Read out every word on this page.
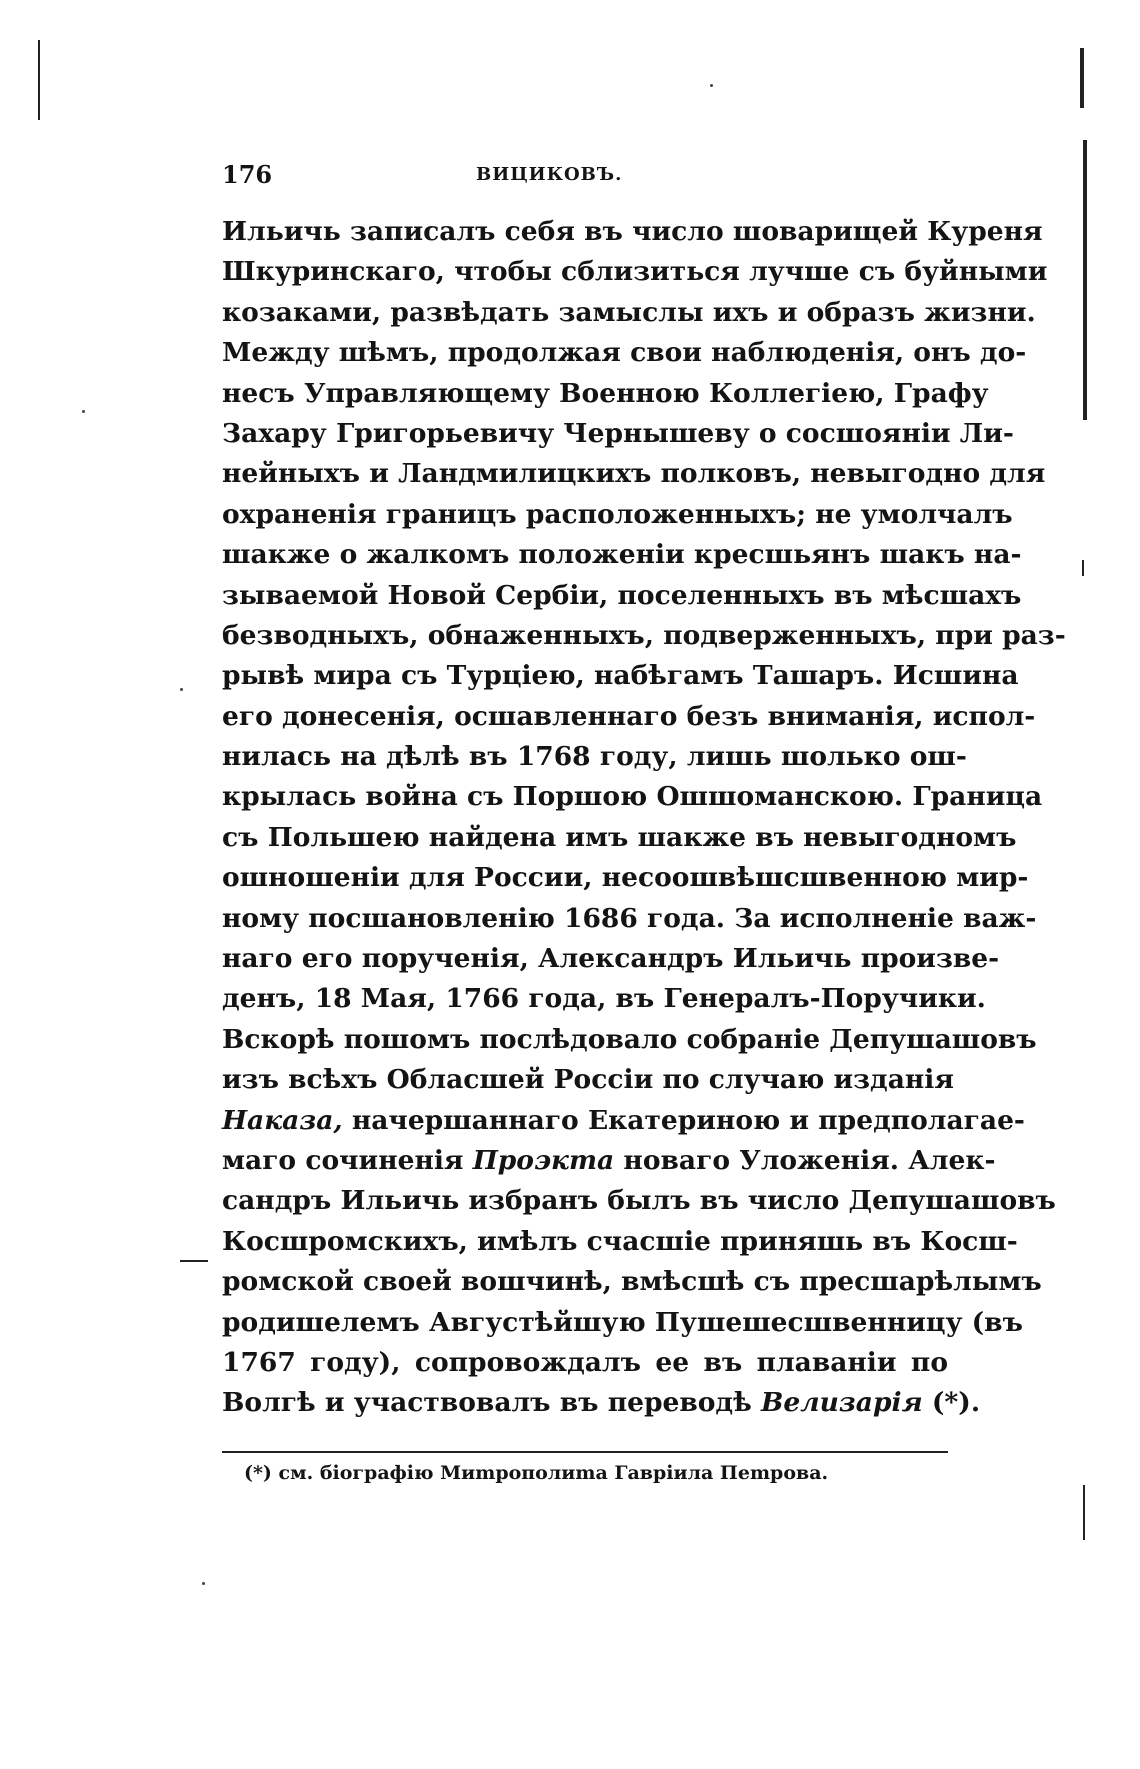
176	ВИЦИКОВЪ.
Ильичь записалъ себя въ число шоварищей Куреня
Шкуринскаго, чтобы сблизиться лучше съ буйными
козаками, развѣдать замыслы ихъ и образъ жизни.
Между шѣмъ, продолжая свои наблюденія, онъ до-
несъ Управляющему Военною Коллегіею, Графу
Захару Григорьевичу Чернышеву о сосшояніи Ли-
нейныхъ и Ландмилицкихъ полковъ, невыгодно для
охраненія границъ расположенныхъ; не умолчалъ
шакже о жалкомъ положеніи кресшьянъ шакъ на-
зываемой Новой Сербіи, поселенныхъ въ мѣсшахъ
безводныхъ, обнаженныхъ, подверженныхъ, при раз-
рывѣ мира съ Турціею, набѣгамъ Ташаръ. Исшина
его донесенія, осшавленнаго безъ вниманія, испол-
нилась на дѣлѣ въ 1768 году, лишь шолько ош-
крылась война съ Поршою Ошшоманскою. Граница
съ Польшею найдена имъ шакже въ невыгодномъ
ошношеніи для России, несоошвѣшсшвенною мир-
ному посшановленію 1686 года. За исполненіе важ-
наго его порученія, Александръ Ильичь произве-
денъ, 18 Мая, 1766 года, въ Генералъ-Поручики.
Вскорѣ пошомъ послѣдовало собраніе Депушашовъ
изъ всѣхъ Обласшей Россіи по случаю изданія
Наказа, начершаннаго Екатериною и предполагае-
маго сочиненія Проэкта новаго Уложенія. Алек-
сандръ Ильичь избранъ былъ въ число Депушашовъ
Косшромскихъ, имѣлъ счасшіе приняшь въ Косш-
ромской своей вошчинѣ, вмѣсшѣ съ пресшарѣлымъ
родишелемъ Августѣйшую Пушешесшвенницу (въ
1767 году), сопровождалъ ее въ плаваніи по
Волгѣ и участвовалъ въ переводѣ Велизарія (*).
(*) см. біографію Миmрополиmа Гавріила Пеmрова.
